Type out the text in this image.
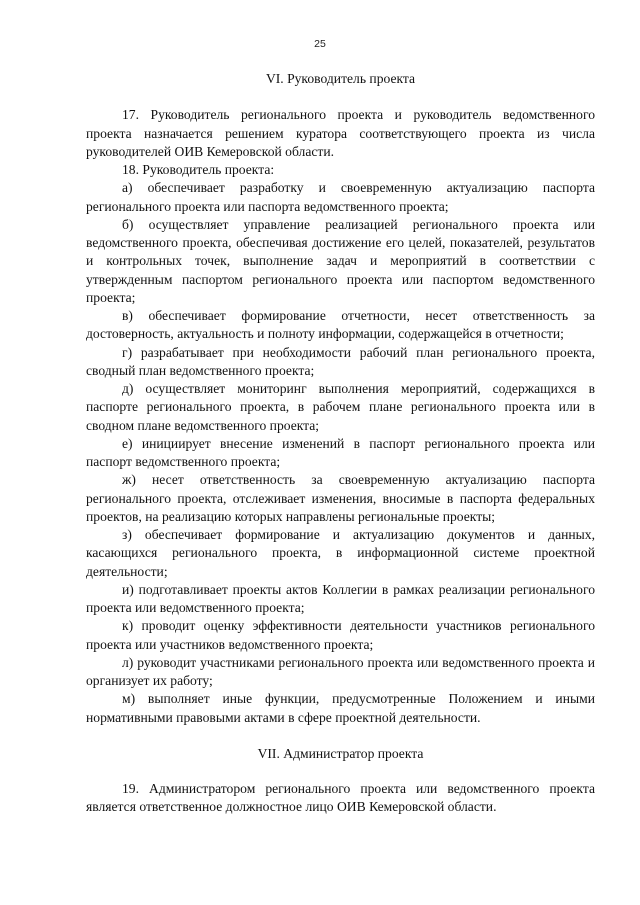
25
VI. Руководитель проекта

17. Руководитель регионального проекта и руководитель ведомственного проекта назначается решением куратора соответствующего проекта из числа руководителей ОИВ Кемеровской области.

18. Руководитель проекта:

а) обеспечивает разработку и своевременную актуализацию паспорта регионального проекта или паспорта ведомственного проекта;

б) осуществляет управление реализацией регионального проекта или ведомственного проекта, обеспечивая достижение его целей, показателей, результатов и контрольных точек, выполнение задач и мероприятий в соответствии с утвержденным паспортом регионального проекта или паспортом ведомственного проекта;

в) обеспечивает формирование отчетности, несет ответственность за достоверность, актуальность и полноту информации, содержащейся в отчетности;

г) разрабатывает при необходимости рабочий план регионального проекта, сводный план ведомственного проекта;

д) осуществляет мониторинг выполнения мероприятий, содержащихся в паспорте регионального проекта, в рабочем плане регионального проекта или в сводном плане ведомственного проекта;

е) инициирует внесение изменений в паспорт регионального проекта или паспорт ведомственного проекта;

ж) несет ответственность за своевременную актуализацию паспорта регионального проекта, отслеживает изменения, вносимые в паспорта федеральных проектов, на реализацию которых направлены региональные проекты;

з) обеспечивает формирование и актуализацию документов и данных, касающихся регионального проекта, в информационной системе проектной деятельности;

и) подготавливает проекты актов Коллегии в рамках реализации регионального проекта или ведомственного проекта;

к) проводит оценку эффективности деятельности участников регионального проекта или участников ведомственного проекта;

л) руководит участниками регионального проекта или ведомственного проекта и организует их работу;

м) выполняет иные функции, предусмотренные Положением и иными нормативными правовыми актами в сфере проектной деятельности.

VII. Администратор проекта

19. Администратором регионального проекта или ведомственного проекта является ответственное должностное лицо ОИВ Кемеровской области.
